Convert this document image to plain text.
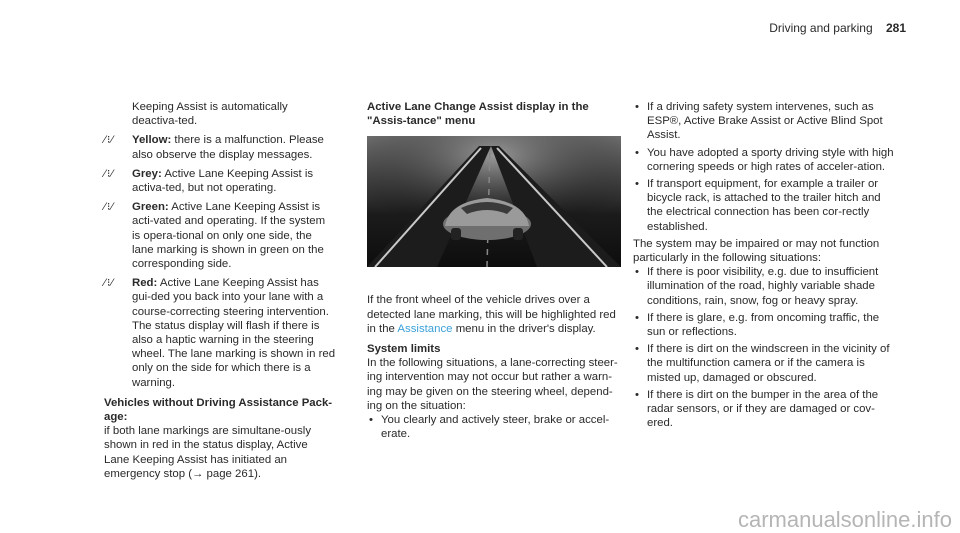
Driving and parking 281

Keeping Assist is automatically deactiva-ted.

⁄⁝⁄ Yellow: there is a malfunction. Please also observe the display messages.
⁄⁝⁄ Grey: Active Lane Keeping Assist is activa-ted, but not operating.
⁄⁝⁄ Green: Active Lane Keeping Assist is acti-vated and operating. If the system is opera-tional on only one side, the lane marking is shown in green on the corresponding side.
⁄⁝⁄ Red: Active Lane Keeping Assist has gui-ded you back into your lane with a course-correcting steering intervention. The status display will flash if there is also a haptic warning in the steering wheel. The lane marking is shown in red only on the side for which there is a warning.

Vehicles without Driving Assistance Pack-age:

if both lane markings are simultane-ously shown in red in the status display, Active Lane Keeping Assist has initiated an emergency stop (→ page 261).

Active Lane Change Assist display in the "Assis-tance" menu

If the front wheel of the vehicle drives over a detected lane marking, this will be highlighted red in the Assistance menu in the driver's display.

System limits

In the following situations, a lane-correcting steer-ing intervention may not occur but rather a warn-ing may be given on the steering wheel, depend-ing on the situation:

• You clearly and actively steer, brake or accel-erate.
• If a driving safety system intervenes, such as ESP®, Active Brake Assist or Active Blind Spot Assist.
• You have adopted a sporty driving style with high cornering speeds or high rates of acceler-ation.
• If transport equipment, for example a trailer or bicycle rack, is attached to the trailer hitch and the electrical connection has been cor-rectly established.

The system may be impaired or may not function particularly in the following situations:

• If there is poor visibility, e.g. due to insufficient illumination of the road, highly variable shade conditions, rain, snow, fog or heavy spray.
• If there is glare, e.g. from oncoming traffic, the sun or reflections.
• If there is dirt on the windscreen in the vicinity of the multifunction camera or if the camera is misted up, damaged or obscured.
• If there is dirt on the bumper in the area of the radar sensors, or if they are damaged or cov-ered.
carmanualsonline.info
